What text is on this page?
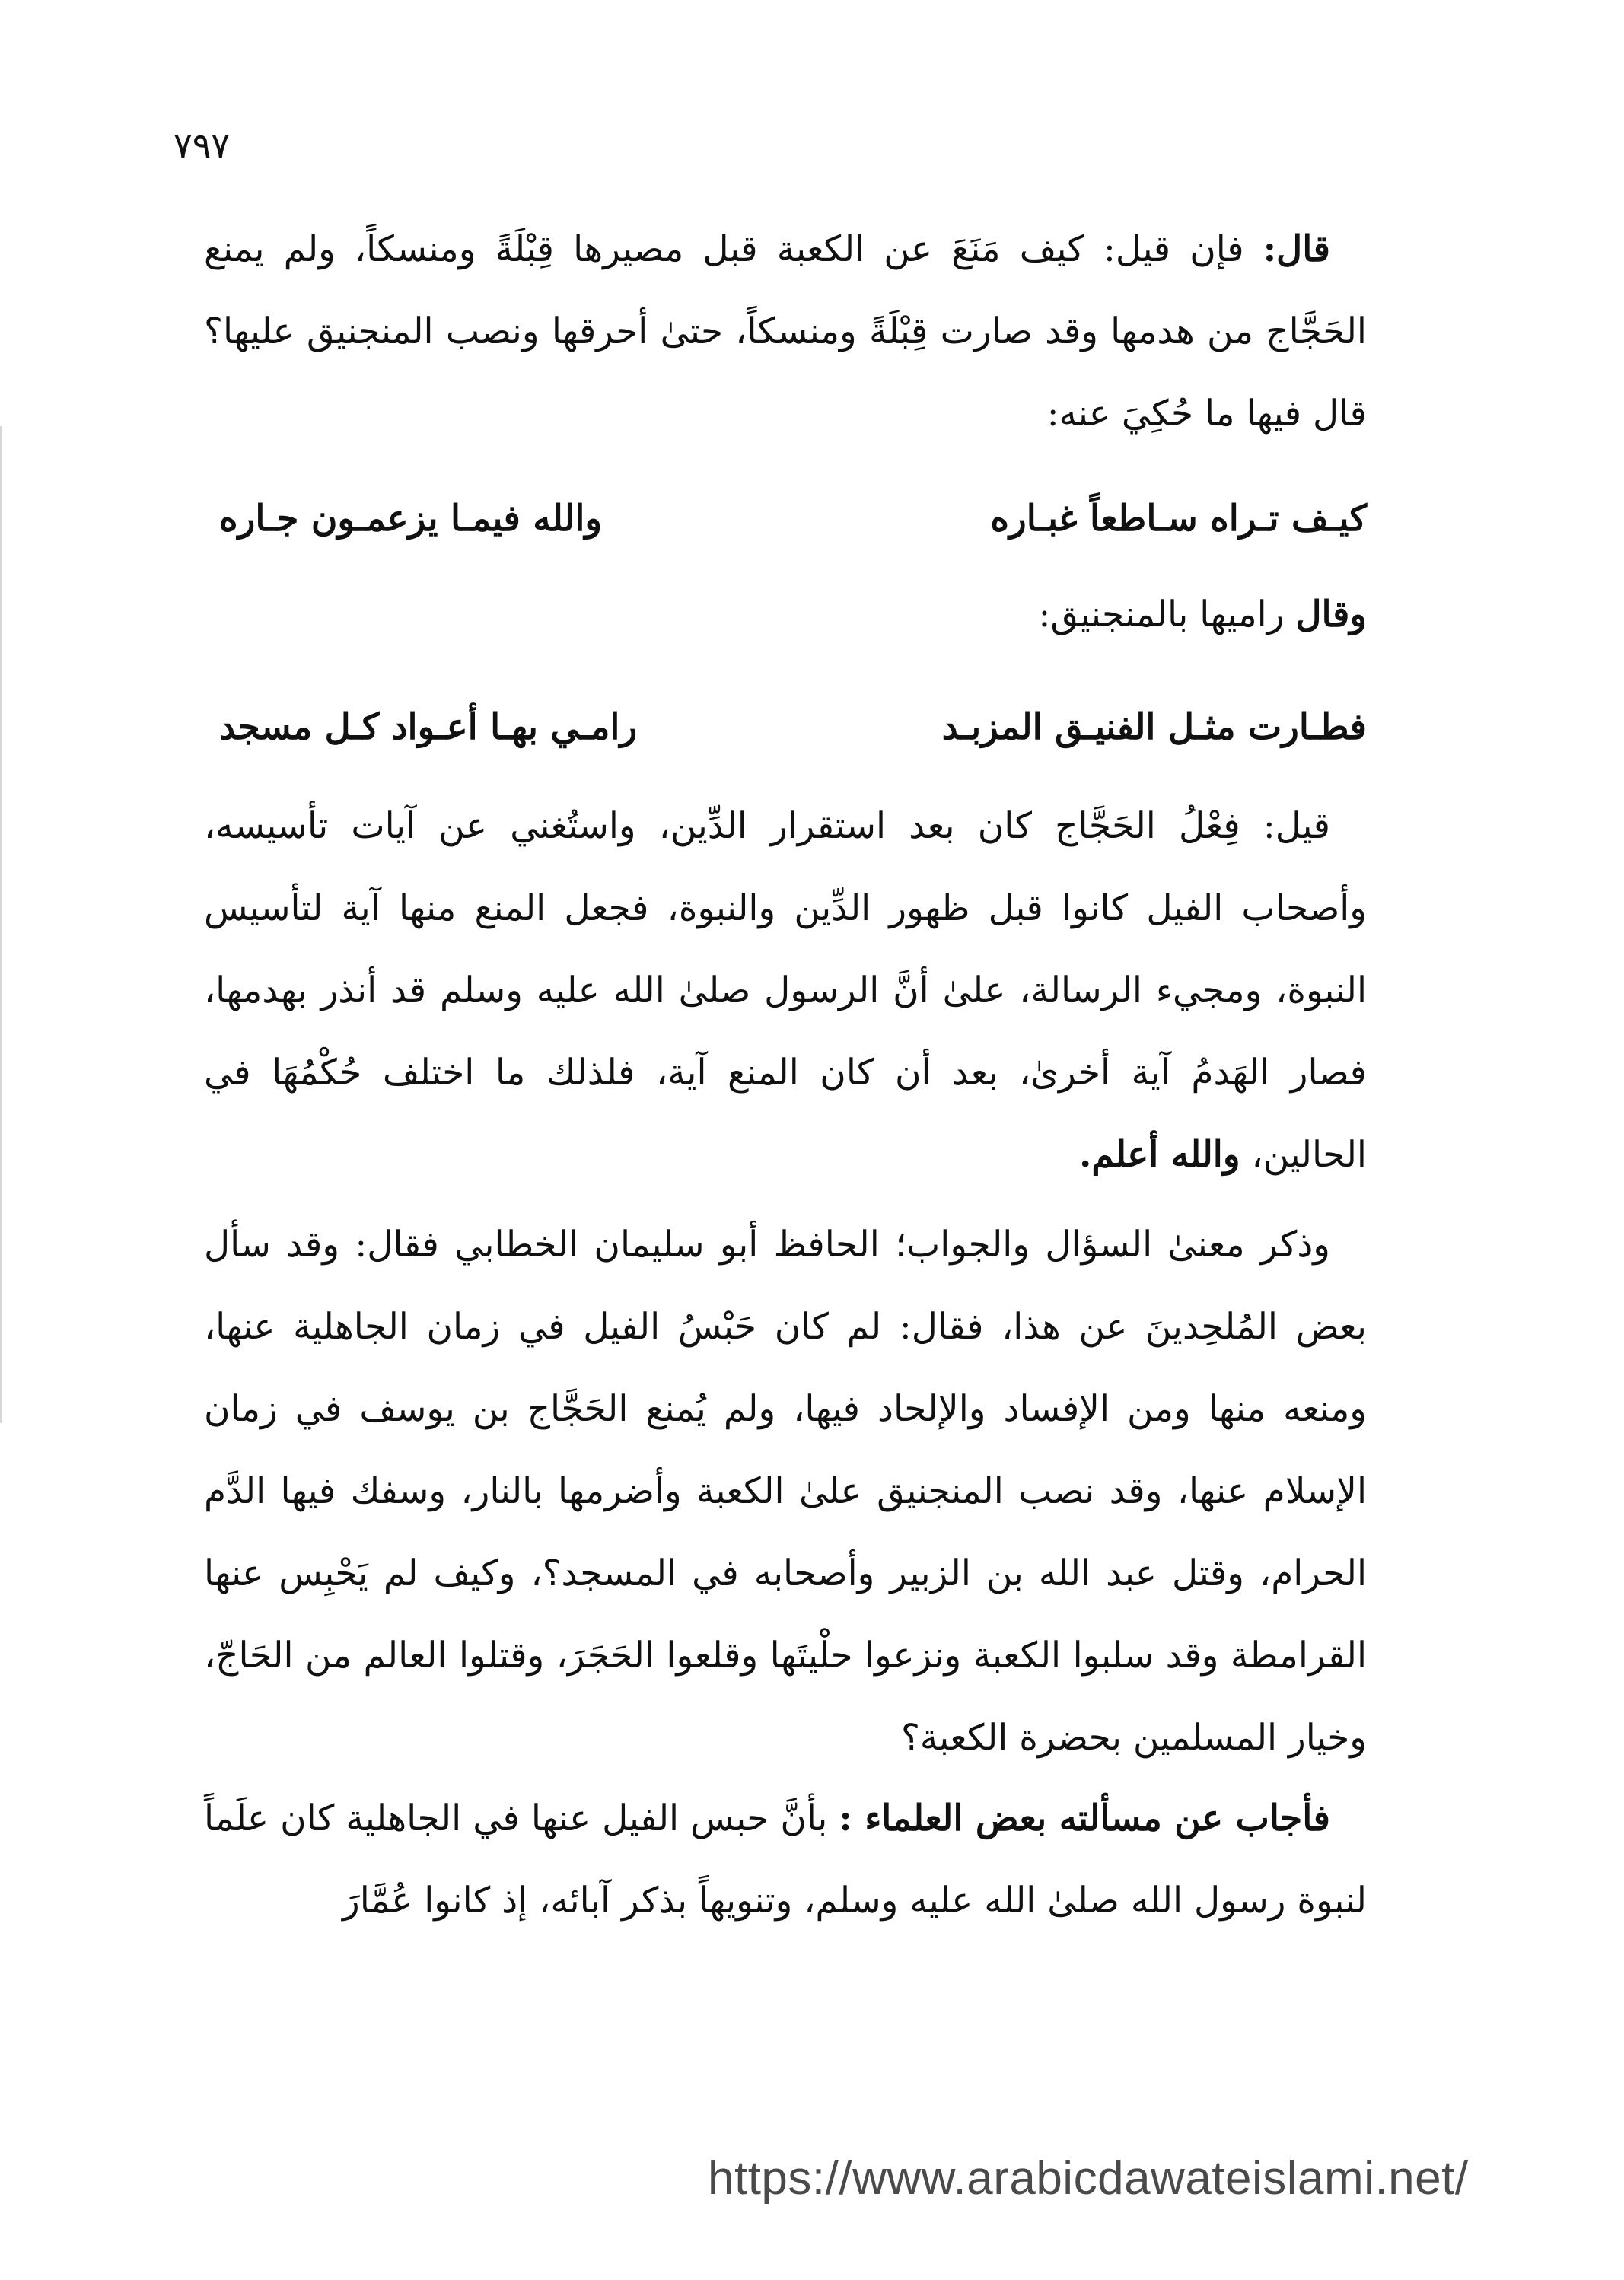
٧٩٧

قال: فإن قيل: كيف مَنَعَ عن الكعبة قبل مصيرها قِبْلَةً ومنسكاً، ولم يمنع الحَجَّاج من هدمها وقد صارت قِبْلَةً ومنسكاً، حتىٰ أحرقها ونصب المنجنيق عليها؟ قال فيها ما حُكِيَ عنه:

كيـف تـراه سـاطعاً غبـاره
والله فيمـا يزعمـون جـاره
وقال راميها بالمنجنيق:
فطـارت مثـل الفنيـق المزبـد
رامـي بهـا أعـواد كـل مسجد

قيل: فِعْلُ الحَجَّاج كان بعد استقرار الدِّين، واستُغني عن آيات تأسيسه، وأصحاب الفيل كانوا قبل ظهور الدِّين والنبوة، فجعل المنع منها آية لتأسيس النبوة، ومجيء الرسالة، علىٰ أنَّ الرسول صلىٰ الله عليه وسلم قد أنذر بهدمها، فصار الهَدمُ آية أخرىٰ، بعد أن كان المنع آية، فلذلك ما اختلف حُكْمُهَا في الحالين، والله أعلم.

وذكر معنىٰ السؤال والجواب؛ الحافظ أبو سليمان الخطابي فقال: وقد سأل بعض المُلحِدينَ عن هذا، فقال: لم كان حَبْسُ الفيل في زمان الجاهلية عنها، ومنعه منها ومن الإفساد والإلحاد فيها، ولم يُمنع الحَجَّاج بن يوسف في زمان الإسلام عنها، وقد نصب المنجنيق علىٰ الكعبة وأضرمها بالنار، وسفك فيها الدَّم الحرام، وقتل عبد الله بن الزبير وأصحابه في المسجد؟، وكيف لم يَحْبِس عنها القرامطة وقد سلبوا الكعبة ونزعوا حلْيتَها وقلعوا الحَجَرَ، وقتلوا العالم من الحَاجّ، وخيار المسلمين بحضرة الكعبة؟

فأجاب عن مسألته بعض العلماء : بأنَّ حبس الفيل عنها في الجاهلية كان علَماً لنبوة رسول الله صلىٰ الله عليه وسلم، وتنويهاً بذكر آبائه، إذ كانوا عُمَّارَ

https://www.arabicdawateislami.net/
